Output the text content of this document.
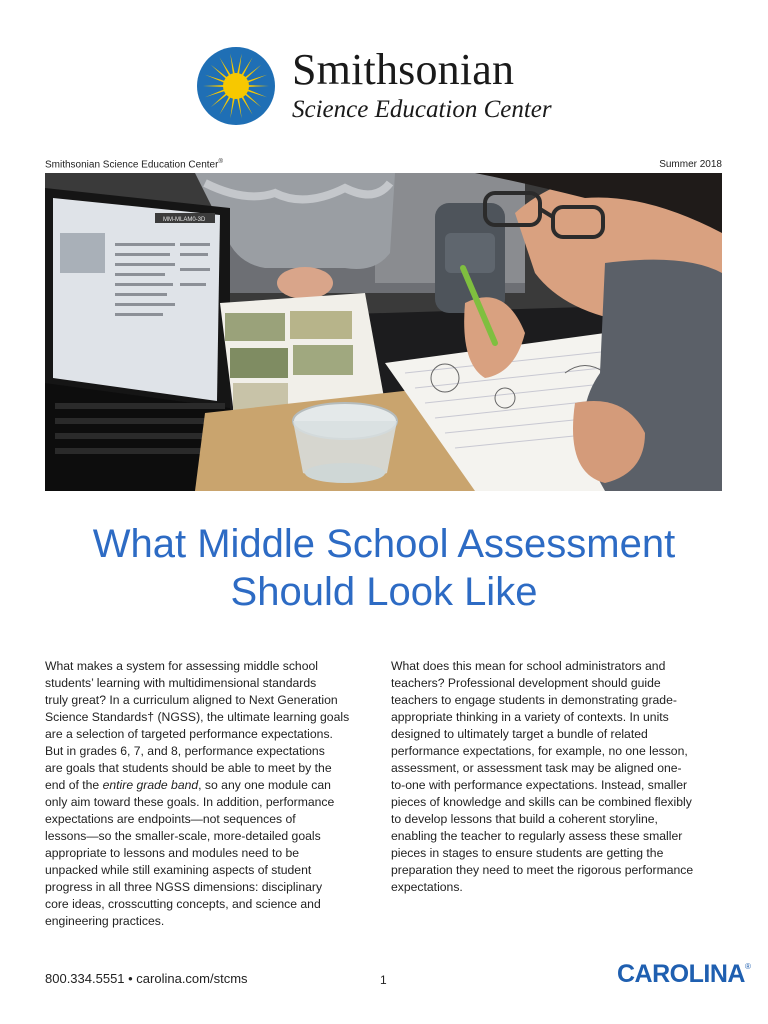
Smithsonian
Science Education Center
Smithsonian Science Education Center®	Summer 2018
MM-MLAM0-3D
What Middle School Assessment
Should Look Like
What makes a system for assessing middle school
students’ learning with multidimensional standards
truly great? In a curriculum aligned to Next Generation
Science Standards† (NGSS), the ultimate learning goals
are a selection of targeted performance expectations.
But in grades 6, 7, and 8, performance expectations
are goals that students should be able to meet by the
end of the entire grade band, so any one module can
only aim toward these goals. In addition, performance
expectations are endpoints—not sequences of
lessons—so the smaller-scale, more-detailed goals
appropriate to lessons and modules need to be
unpacked while still examining aspects of student
progress in all three NGSS dimensions: disciplinary
core ideas, crosscutting concepts, and science and
engineering practices.
What does this mean for school administrators and
teachers? Professional development should guide
teachers to engage students in demonstrating grade-
appropriate thinking in a variety of contexts. In units
designed to ultimately target a bundle of related
performance expectations, for example, no one lesson,
assessment, or assessment task may be aligned one-
to-one with performance expectations. Instead, smaller
pieces of knowledge and skills can be combined flexibly
to develop lessons that build a coherent storyline,
enabling the teacher to regularly assess these smaller
pieces in stages to ensure students are getting the
preparation they need to meet the rigorous performance
expectations.
800.334.5551 • carolina.com/stcms	1	CAROLINA®
